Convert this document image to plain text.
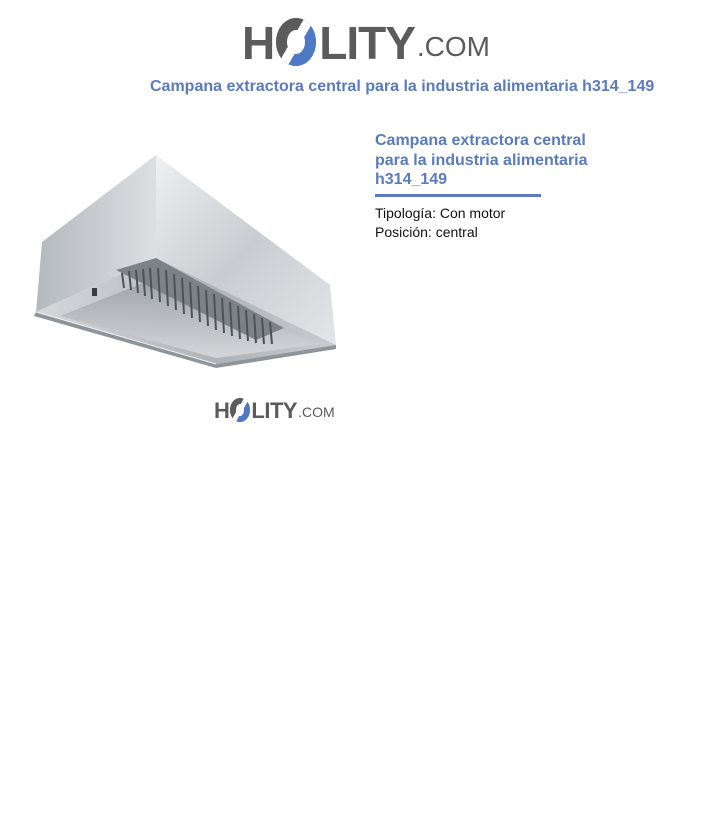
H LITY .COM
Campana extractora central para la industria alimentaria h314_149
H LITY .COM
Campana extractora central para la industria alimentaria h314_149
Tipología: Con motor
Posición: central
